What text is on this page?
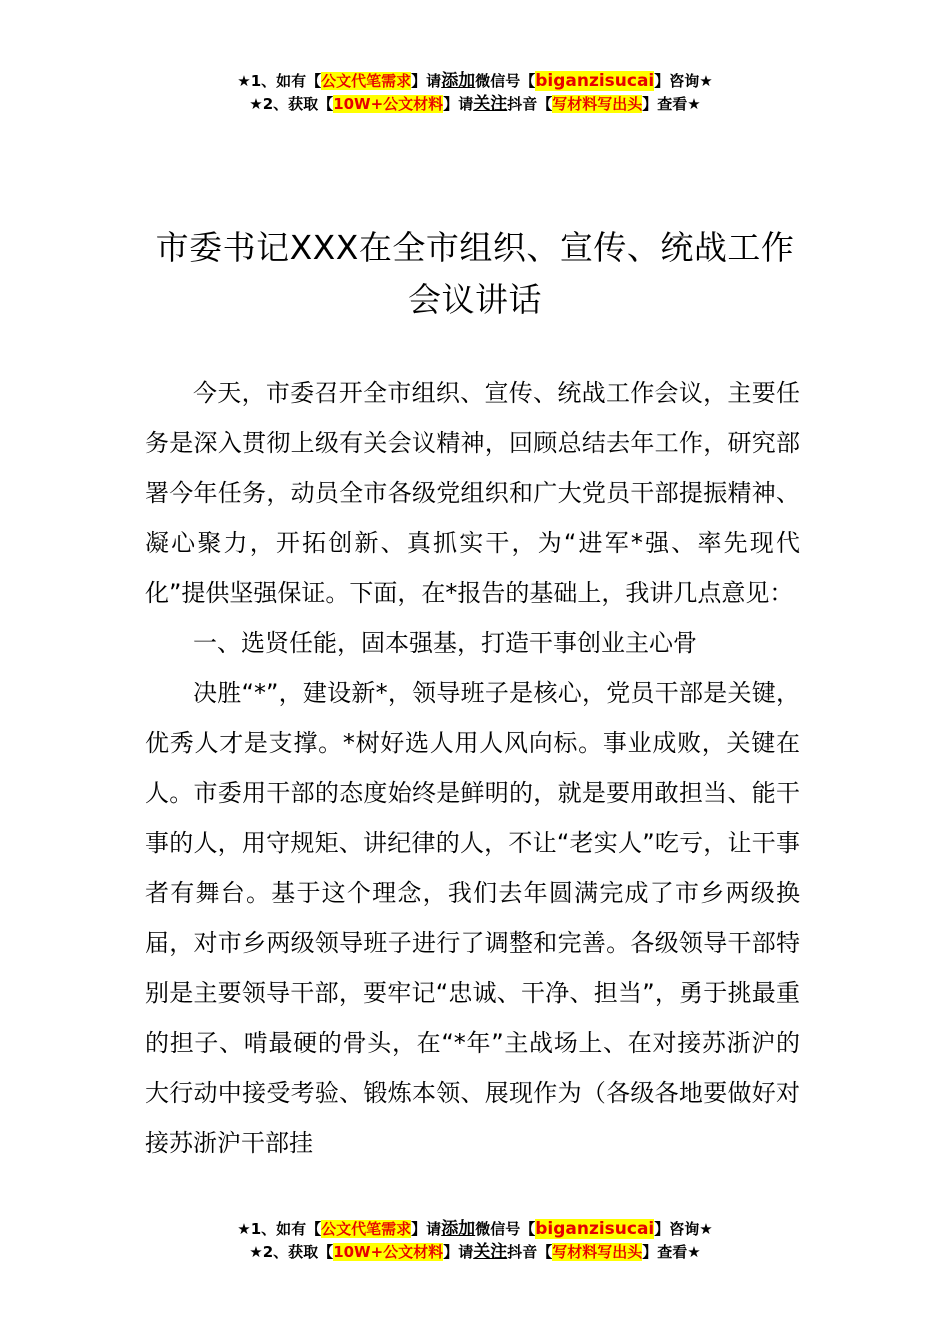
★1、如有【公文代笔需求】请添加微信号【biganzisucai】咨询★
★2、获取【10W+公文材料】请关注抖音【写材料写出头】查看★
市委书记XXX在全市组织、宣传、统战工作会议讲话

今天，市委召开全市组织、宣传、统战工作会议，主要任务是深入贯彻上级有关会议精神，回顾总结去年工作，研究部署今年任务，动员全市各级党组织和广大党员干部提振精神、凝心聚力，开拓创新、真抓实干，为“进军*强、率先现代化”提供坚强保证。下面，在*报告的基础上，我讲几点意见：

一、选贤任能，固本强基，打造干事创业主心骨

决胜“*”，建设新*，领导班子是核心，党员干部是关键，优秀人才是支撑。*树好选人用人风向标。事业成败，关键在人。市委用干部的态度始终是鲜明的，就是要用敢担当、能干事的人，用守规矩、讲纪律的人，不让“老实人”吃亏，让干事者有舞台。基于这个理念，我们去年圆满完成了市乡两级换届，对市乡两级领导班子进行了调整和完善。各级领导干部特别是主要领导干部，要牢记“忠诚、干净、担当”，勇于挑最重的担子、啃最硬的骨头，在“*年”主战场上、在对接苏浙沪的大行动中接受考验、锻炼本领、展现作为（各级各地要做好对接苏浙沪干部挂

★1、如有【公文代笔需求】请添加微信号【biganzisucai】咨询★
★2、获取【10W+公文材料】请关注抖音【写材料写出头】查看★
